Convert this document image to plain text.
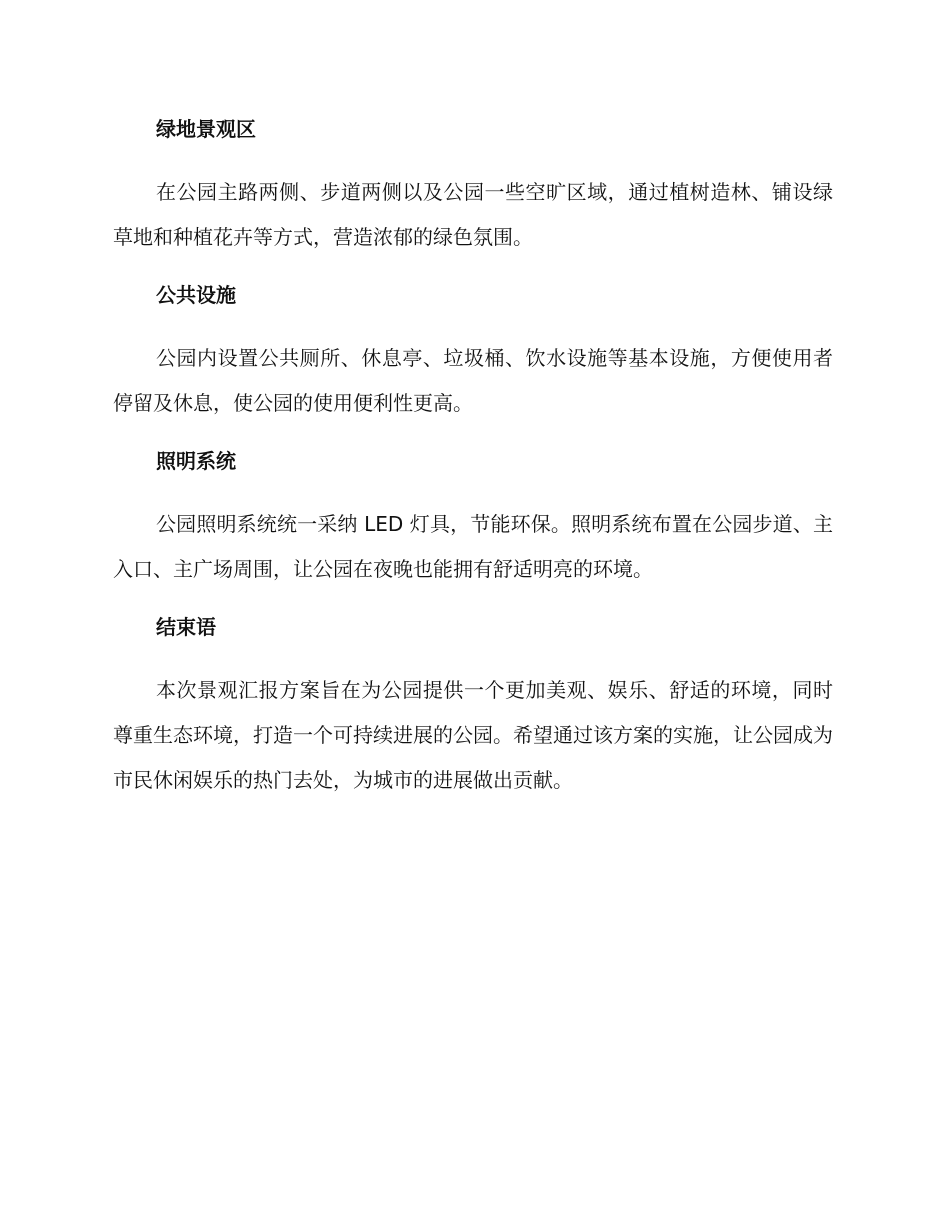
绿地景观区

在公园主路两侧、步道两侧以及公园一些空旷区域，通过植树造林、铺设绿草地和种植花卉等方式，营造浓郁的绿色氛围。

公共设施

公园内设置公共厕所、休息亭、垃圾桶、饮水设施等基本设施，方便使用者停留及休息，使公园的使用便利性更高。

照明系统

公园照明系统统一采纳 LED 灯具，节能环保。照明系统布置在公园步道、主入口、主广场周围，让公园在夜晚也能拥有舒适明亮的环境。

结束语

本次景观汇报方案旨在为公园提供一个更加美观、娱乐、舒适的环境，同时尊重生态环境，打造一个可持续进展的公园。希望通过该方案的实施，让公园成为市民休闲娱乐的热门去处，为城市的进展做出贡献。
